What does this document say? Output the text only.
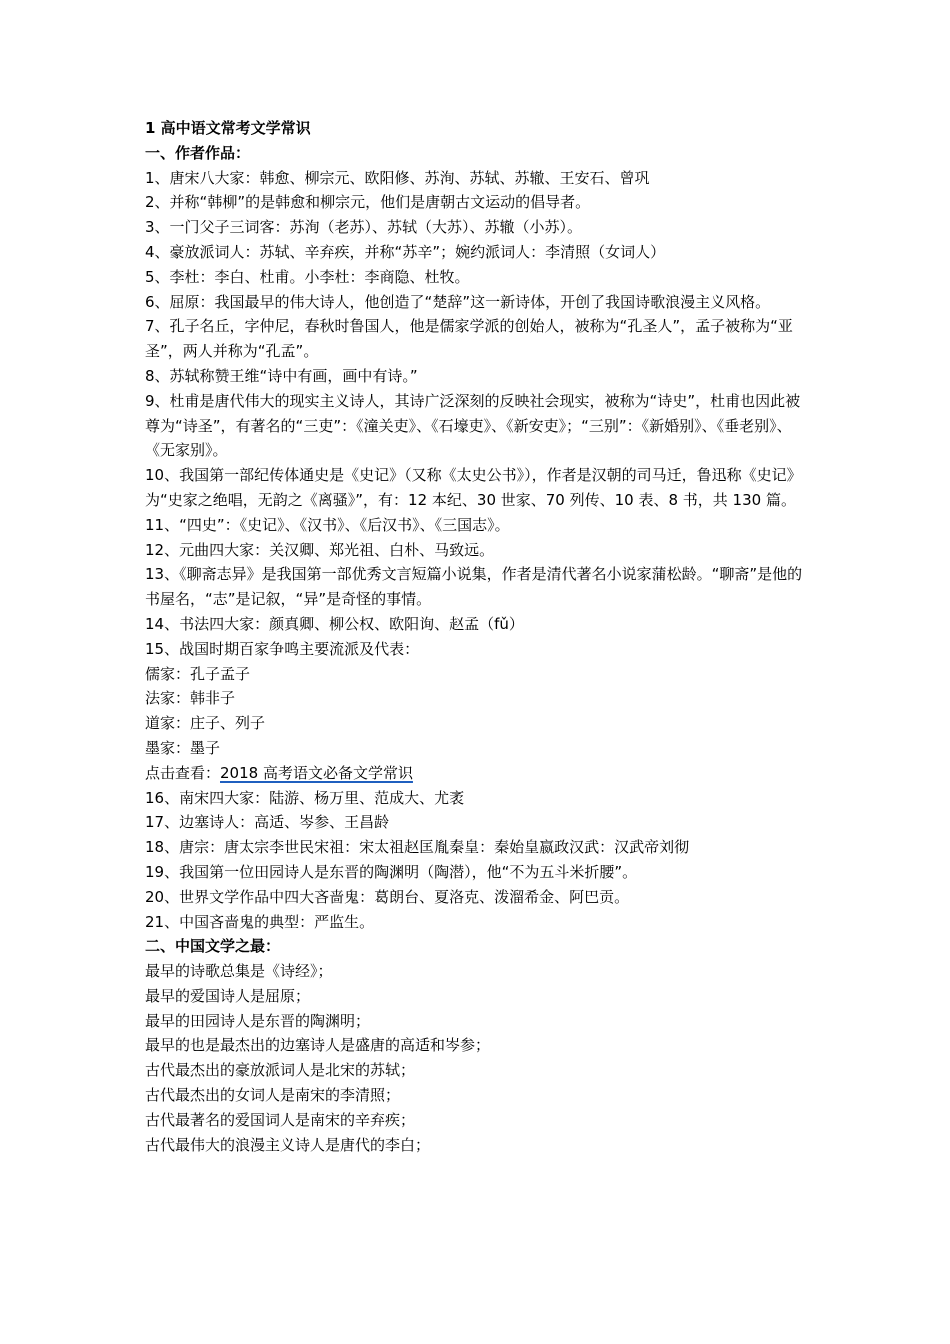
1 高中语文常考文学常识
一、作者作品：
1、唐宋八大家：韩愈、柳宗元、欧阳修、苏洵、苏轼、苏辙、王安石、曾巩
2、并称“韩柳”的是韩愈和柳宗元，他们是唐朝古文运动的倡导者。
3、一门父子三词客：苏洵（老苏）、苏轼（大苏）、苏辙（小苏）。
4、豪放派词人：苏轼、辛弃疾，并称“苏辛”；婉约派词人：李清照（女词人）
5、李杜：李白、杜甫。小李杜：李商隐、杜牧。
6、屈原：我国最早的伟大诗人，他创造了“楚辞”这一新诗体，开创了我国诗歌浪漫主义风格。
7、孔子名丘，字仲尼，春秋时鲁国人，他是儒家学派的创始人，被称为“孔圣人”，孟子被称为“亚圣”，两人并称为“孔孟”。
8、苏轼称赞王维“诗中有画，画中有诗。”
9、杜甫是唐代伟大的现实主义诗人，其诗广泛深刻的反映社会现实，被称为“诗史”，杜甫也因此被尊为“诗圣”，有著名的“三吏”：《潼关吏》、《石壕吏》、《新安吏》；“三别”：《新婚别》、《垂老别》、《无家别》。
10、我国第一部纪传体通史是《史记》（又称《太史公书》），作者是汉朝的司马迁，鲁迅称《史记》为“史家之绝唱，无韵之《离骚》”，有：12 本纪、30 世家、70 列传、10 表、8 书，共 130 篇。
11、“四史”：《史记》、《汉书》、《后汉书》、《三国志》。
12、元曲四大家：关汉卿、郑光祖、白朴、马致远。
13、《聊斋志异》是我国第一部优秀文言短篇小说集，作者是清代著名小说家蒲松龄。“聊斋”是他的书屋名，“志”是记叙，“异”是奇怪的事情。
14、书法四大家：颜真卿、柳公权、欧阳询、赵孟（fǔ）
15、战国时期百家争鸣主要流派及代表：
儒家：孔子孟子
法家：韩非子
道家：庄子、列子
墨家：墨子
点击查看：2018 高考语文必备文学常识
16、南宋四大家：陆游、杨万里、范成大、尤袤
17、边塞诗人：高适、岑参、王昌龄
18、唐宗：唐太宗李世民宋祖：宋太祖赵匡胤秦皇：秦始皇嬴政汉武：汉武帝刘彻
19、我国第一位田园诗人是东晋的陶渊明（陶潜），他“不为五斗米折腰”。
20、世界文学作品中四大吝啬鬼：葛朗台、夏洛克、泼溜希金、阿巴贡。
21、中国吝啬鬼的典型：严监生。
二、中国文学之最：
最早的诗歌总集是《诗经》；
最早的爱国诗人是屈原；
最早的田园诗人是东晋的陶渊明；
最早的也是最杰出的边塞诗人是盛唐的高适和岑参；
古代最杰出的豪放派词人是北宋的苏轼；
古代最杰出的女词人是南宋的李清照；
古代最著名的爱国词人是南宋的辛弃疾；
古代最伟大的浪漫主义诗人是唐代的李白；
